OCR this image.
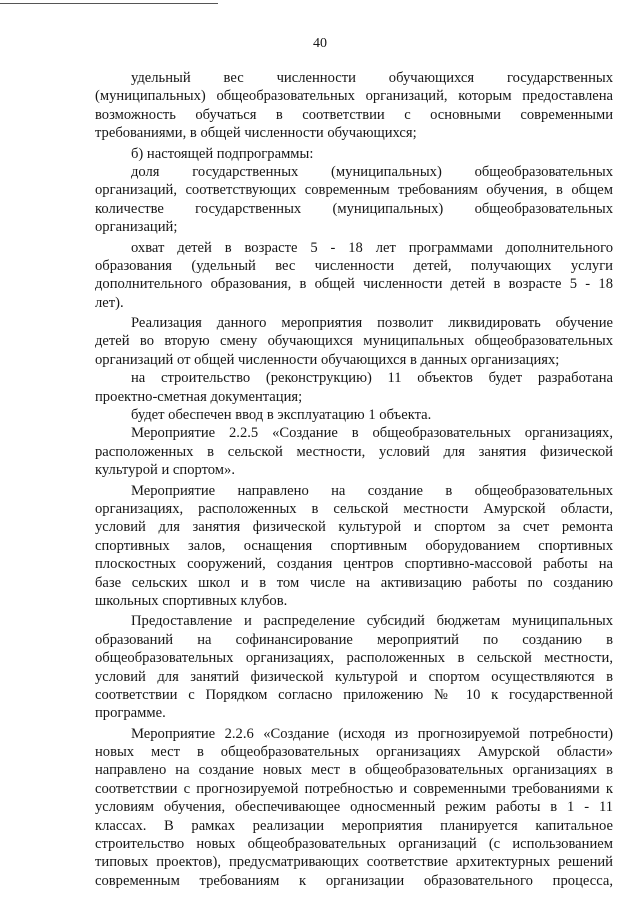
40
удельный вес численности обучающихся государственных
(муниципальных) общеобразовательных организаций, которым предоставлена
возможность обучаться в соответствии с основными современными
требованиями, в общей численности обучающихся;
б) настоящей подпрограммы:
доля государственных (муниципальных) общеобразовательных
организаций, соответствующих современным требованиям обучения, в общем
количестве государственных (муниципальных) общеобразовательных
организаций;
охват детей в возрасте 5 - 18 лет программами дополнительного
образования (удельный вес численности детей, получающих услуги
дополнительного образования, в общей численности детей в возрасте 5 - 18
лет).
Реализация данного мероприятия позволит ликвидировать обучение
детей во вторую смену обучающихся муниципальных общеобразовательных
организаций от общей численности обучающихся в данных организациях;
на строительство (реконструкцию) 11 объектов будет разработана
проектно-сметная документация;
будет обеспечен ввод в эксплуатацию 1 объекта.
Мероприятие 2.2.5 «Создание в общеобразовательных организациях,
расположенных в сельской местности, условий для занятия физической
культурой и спортом».
Мероприятие направлено на создание в общеобразовательных
организациях, расположенных в сельской местности Амурской области,
условий для занятия физической культурой и спортом за счет ремонта
спортивных залов, оснащения спортивным оборудованием спортивных
плоскостных сооружений, создания центров спортивно-массовой работы на
базе сельских школ и в том числе на активизацию работы по созданию
школьных спортивных клубов.
Предоставление и распределение субсидий бюджетам муниципальных
образований на софинансирование мероприятий по созданию в
общеобразовательных организациях, расположенных в сельской местности,
условий для занятий физической культурой и спортом осуществляются в
соответствии с Порядком согласно приложению № 10 к государственной
программе.
Мероприятие 2.2.6 «Создание (исходя из прогнозируемой потребности)
новых мест в общеобразовательных организациях Амурской области»
направлено на создание новых мест в общеобразовательных организациях в
соответствии с прогнозируемой потребностью и современными требованиями к
условиям обучения, обеспечивающее односменный режим работы в 1 - 11
классах. В рамках реализации мероприятия планируется капитальное
строительство новых общеобразовательных организаций (с использованием
типовых проектов), предусматривающих соответствие архитектурных решений
современным требованиям к организации образовательного процесса,
